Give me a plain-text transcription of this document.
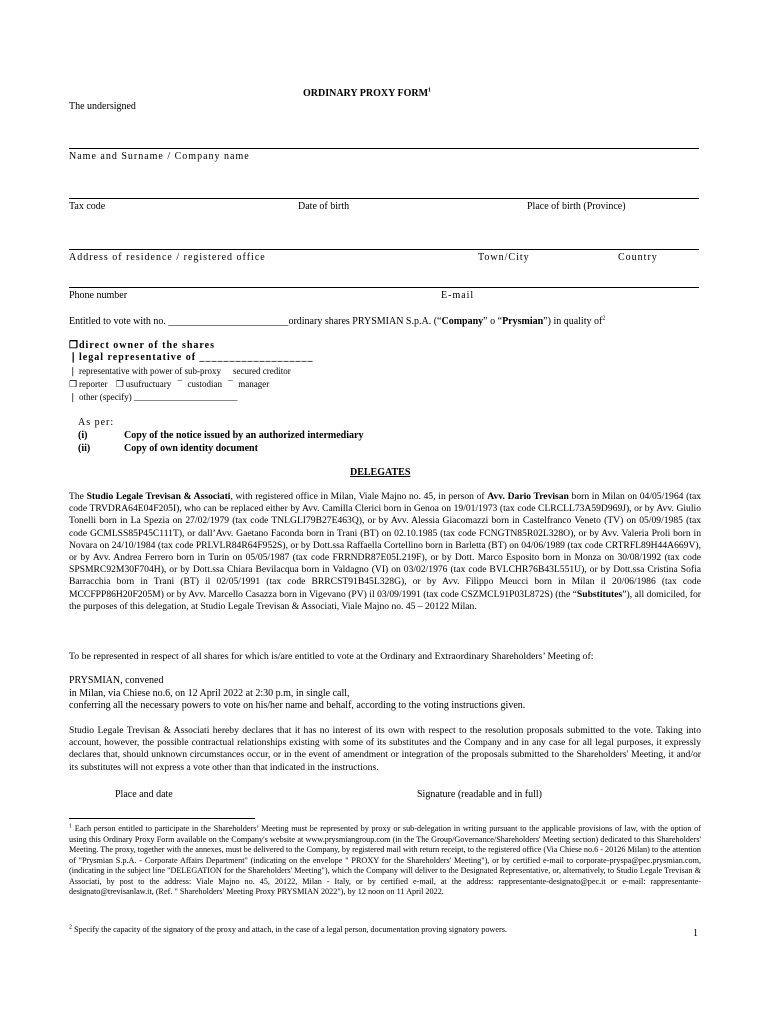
ORDINARY PROXY FORM$^1$
The undersigned
Name and Surname / Company name
Tax code	Date of birth	Place of birth (Province)
Address of residence / registered office	Town/City	Country
Phone number	E-mail
Entitled to vote with no. ________________________ordinary shares PRYSMIAN S.p.A. (“Company” o “Prysmian”) in quality $of^2$
❒direct owner of the shares
❘legal representative of ___________________
❘ representative with power of sub-proxy secured creditor
❒ reporter ❒ usufructuary ¯ custodian ¯ manager
❘ other (specify) _______________________
As per:
(i)	Copy of the notice issued by an authorized intermediary
(ii)	Copy of own identity document
DELEGATES
The Studio Legale Trevisan & Associati, with registered office in Milan, Viale Majno no. 45, in person of Avv. Dario Trevisan born in Milan on 04/05/1964 (tax code TRVDRA64E04F205I), who can be replaced either by Avv. Camilla Clerici born in Genoa on 19/01/1973 (tax code CLRCLL73A59D969J), or by Avv. Giulio Tonelli born in La Spezia on 27/02/1979 (tax code TNLGLI79B27E463Q), or by Avv. Alessia Giacomazzi born in Castelfranco Veneto (TV) on 05/09/1985 (tax code GCMLSS85P45C111T), or dall’Avv. Gaetano Faconda born in Trani (BT) on 02.10.1985 (tax code FCNGTN85R02L328O), or by Avv. Valeria Proli born in Novara on 24/10/1984 (tax code PRLVLR84R64F952S), or by Dott.ssa Raffaella Cortellino born in Barletta (BT) on 04/06/1989 (tax code CRTRFL89H44A669V), or by Avv. Andrea Ferrero born in Turin on 05/05/1987 (tax code FRRNDR87E05L219F), or by Dott. Marco Esposito born in Monza on 30/08/1992 (tax code SPSMRC92M30F704H), or by Dott.ssa Chiara Bevilacqua born in Valdagno (VI) on 03/02/1976 (tax code BVLCHR76B43L551U), or by Dott.ssa Cristina Sofia Barracchia born in Trani (BT) il 02/05/1991 (tax code BRRCST91B45L328G), or by Avv. Filippo Meucci born in Milan il 20/06/1986 (tax code MCCFPP86H20F205M) or by Avv. Marcello Casazza born in Vigevano (PV) il 03/09/1991 (tax code CSZMCL91P03L872S) (the “Substitutes”), all domiciled, for the purposes of this delegation, at Studio Legale Trevisan & Associati, Viale Majno no. 45 – 20122 Milan.
To be represented in respect of all shares for which is/are entitled to vote at the Ordinary and Extraordinary Shareholders’ Meeting of:
PRYSMIAN, convened
in Milan, via Chiese no.6, on 12 April 2022 at 2:30 p.m, in single call,
conferring all the necessary powers to vote on his/her name and behalf, according to the voting instructions given.
Studio Legale Trevisan & Associati hereby declares that it has no interest of its own with respect to the resolution proposals submitted to the vote. Taking into account, however, the possible contractual relationships existing with some of its substitutes and the Company and in any case for all legal purposes, it expressly declares that, should unknown circumstances occur, or in the event of amendment or integration of the proposals submitted to the Shareholders' Meeting, it and/or its substitutes will not express a vote other than that indicated in the instructions.
Place and date	Signature (readable and in full)
$^1$ Each person entitled to participate in the Shareholders’ Meeting must be represented by proxy or sub-delegation in writing pursuant to the applicable provisions of law, with the option of using this Ordinary Proxy Form available on the Company's website at www.prysmiangroup.com (in the The Group/Governance/Shareholders' Meeting section) dedicated to this Shareholders' Meeting. The proxy, together with the annexes, must be delivered to the Company, by registered mail with return receipt, to the registered office (Via Chiese no.6 - 20126 Milan) to the attention of "Prysmian S.p.A. - Corporate Affairs Department" (indicating on the envelope " PROXY for the Shareholders' Meeting"), or by certified e-mail to corporate-pryspa@pec.prysmian.com, (indicating in the subject line "DELEGATION for the Shareholders' Meeting"), which the Company will deliver to the Designated Representative, or, alternatively, to Studio Legale Trevisan & Associati, by post to the address: Viale Majno no. 45, 20122, Milan - Italy, or by certified e-mail, at the address: rappresentante-designato@pec.it or e-mail: rappresentante-designato@trevisanlaw.it, (Ref. " Shareholders' Meeting Proxy PRYSMIAN 2022"), by 12 noon on 11 April 2022.
$^2$ Specify the capacity of the signatory of the proxy and attach, in the case of a legal person, documentation proving signatory powers.	1
